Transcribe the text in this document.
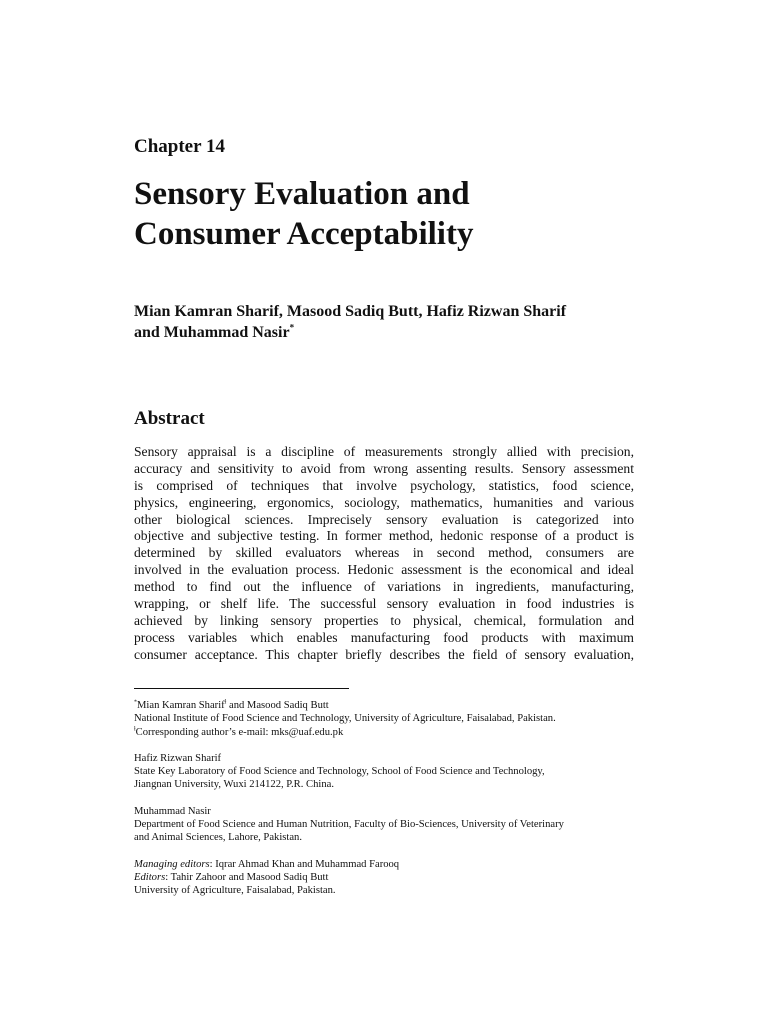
Chapter 14
Sensory Evaluation and
Consumer Acceptability
Mian Kamran Sharif, Masood Sadiq Butt, Hafiz Rizwan Sharif
and Muhammad Nasir*
Abstract
Sensory appraisal is a discipline of measurements strongly allied with precision,
accuracy and sensitivity to avoid from wrong assenting results. Sensory assessment
is comprised of techniques that involve psychology, statistics, food science,
physics, engineering, ergonomics, sociology, mathematics, humanities and various
other biological sciences. Imprecisely sensory evaluation is categorized into
objective and subjective testing. In former method, hedonic response of a product is
determined by skilled evaluators whereas in second method, consumers are
involved in the evaluation process. Hedonic assessment is the economical and ideal
method to find out the influence of variations in ingredients, manufacturing,
wrapping, or shelf life. The successful sensory evaluation in food industries is
achieved by linking sensory properties to physical, chemical, formulation and
process variables which enables manufacturing food products with maximum
consumer acceptance. This chapter briefly describes the field of sensory evaluation,
*Mian Kamran Sharif$^ł$ and Masood Sadiq Butt
National Institute of Food Science and Technology, University of Agriculture, Faisalabad, Pakistan.
$^ł$Corresponding author’s e-mail: mks@uaf.edu.pk
Hafiz Rizwan Sharif
State Key Laboratory of Food Science and Technology, School of Food Science and Technology,
Jiangnan University, Wuxi 214122, P.R. China.
Muhammad Nasir
Department of Food Science and Human Nutrition, Faculty of Bio-Sciences, University of Veterinary
and Animal Sciences, Lahore, Pakistan.
Managing editors: Iqrar Ahmad Khan and Muhammad Farooq
Editors: Tahir Zahoor and Masood Sadiq Butt
University of Agriculture, Faisalabad, Pakistan.
